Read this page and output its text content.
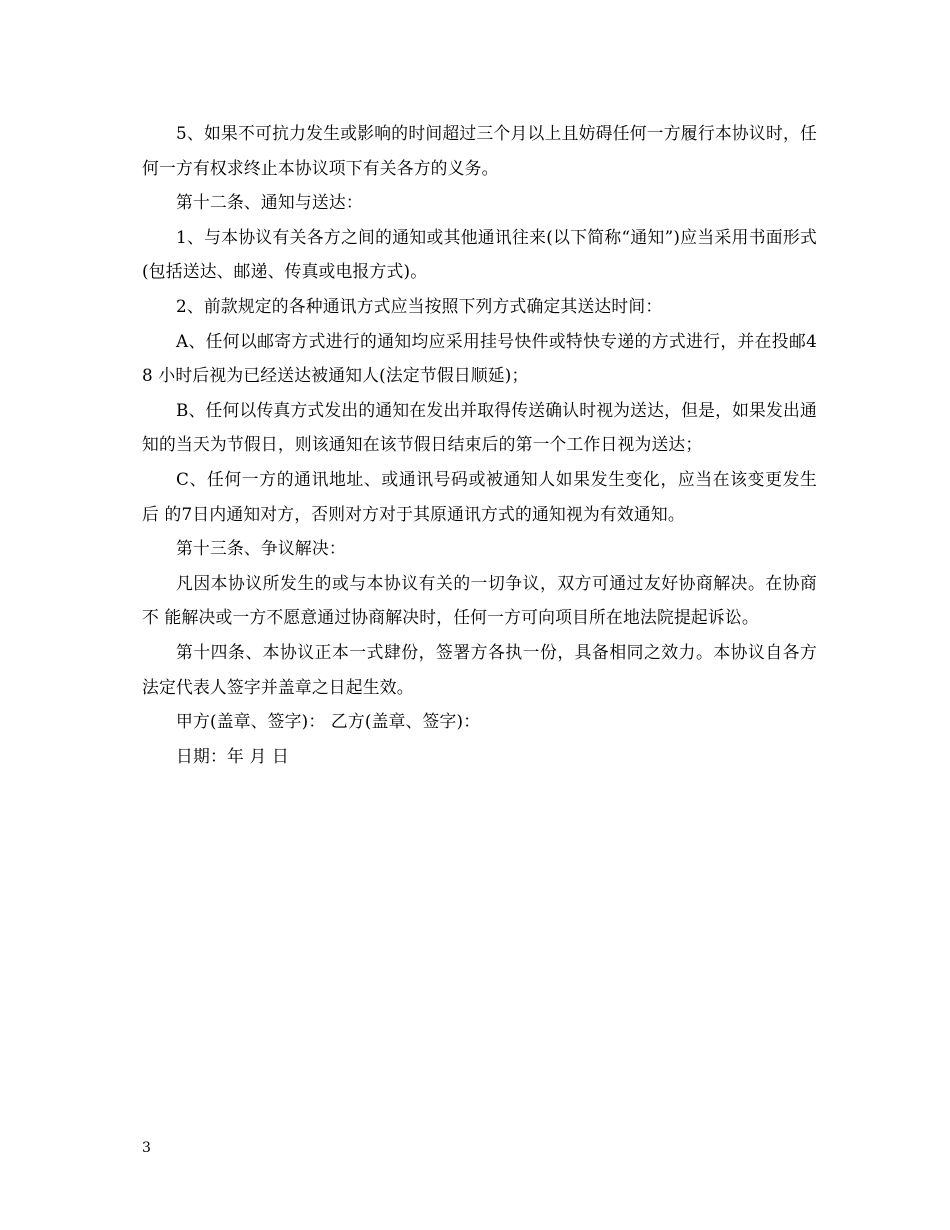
5、如果不可抗力发生或影响的时间超过三个月以上且妨碍任何一方履行本协议时，任何一方有权求终止本协议项下有关各方的义务。

第十二条、通知与送达：

1、与本协议有关各方之间的通知或其他通讯往来(以下简称“通知”)应当采用书面形式(包括送达、邮递、传真或电报方式)。

2、前款规定的各种通讯方式应当按照下列方式确定其送达时间：

A、任何以邮寄方式进行的通知均应采用挂号快件或特快专递的方式进行，并在投邮48 小时后视为已经送达被通知人(法定节假日顺延)；

B、任何以传真方式发出的通知在发出并取得传送确认时视为送达，但是，如果发出通 知的当天为节假日，则该通知在该节假日结束后的第一个工作日视为送达；

C、任何一方的通讯地址、或通讯号码或被通知人如果发生变化，应当在该变更发生后 的7日内通知对方，否则对方对于其原通讯方式的通知视为有效通知。

第十三条、争议解决：

凡因本协议所发生的或与本协议有关的一切争议，双方可通过友好协商解决。在协商不 能解决或一方不愿意通过协商解决时，任何一方可向项目所在地法院提起诉讼。

第十四条、本协议正本一式肆份，签署方各执一份，具备相同之效力。本协议自各方法定代表人签字并盖章之日起生效。

甲方(盖章、签字)： 乙方(盖章、签字)：

日期：年 月 日

3
